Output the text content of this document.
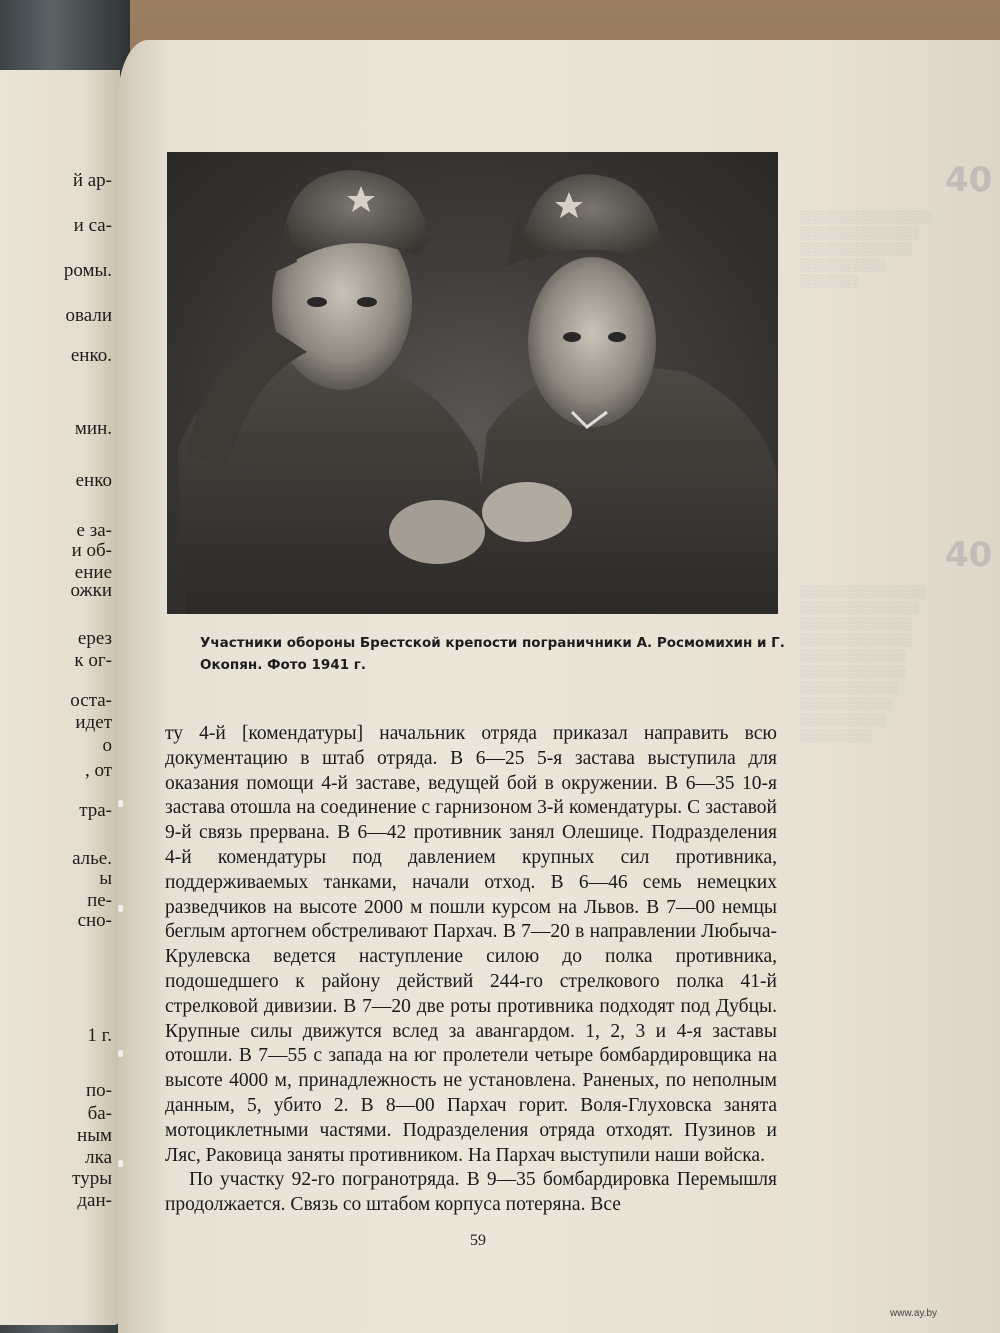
й ар-
и са-
ромы.
овали
енко.
мин.
енко
е за-
и об-
ение
ожки
ерез
к ог-
оста-
идет
о
, от
тра-
алье.
ы
пе-
сно-
1 г.
по-
ба-
ным
лка
туры
дан-
40
40
░░░░░░░░░░░░░░░░░░░░
░░░░░░░░░░░░░░░░░░
░░░░░░░░░░░░░░░░░
░░░░░░░░░░░░░
░░░░░░░░░
░░░░░░░░░░░░░░░░░░░
░░░░░░░░░░░░░░░░░░
░░░░░░░░░░░░░░░░░
░░░░░░░░░░░░░░░░░
░░░░░░░░░░░░░░░░
░░░░░░░░░░░░░░░░
░░░░░░░░░░░░░░░
░░░░░░░░░░░░░░
░░░░░░░░░░░░░
░░░░░░░░░░░
Участники обороны Брестской крепости пограничники А. Росмомихин и Г. Окопян. Фото 1941 г.

ту 4-й [комендатуры] начальник отряда приказал направить всю документацию в штаб отряда. В 6—25 5-я застава выступила для оказания помощи 4-й заставе, ведущей бой в окружении. В 6—35 10-я застава отошла на соединение с гарнизоном 3-й комендатуры. С заставой 9-й связь прервана. В 6—42 противник занял Олешице. Подразделения 4-й комендатуры под давлением крупных сил противника, поддерживаемых танками, начали отход. В 6—46 семь немецких разведчиков на высоте 2000 м пошли курсом на Львов. В 7—00 немцы беглым артогнем обстреливают Пархач. В 7—20 в направлении Любыча-Крулевска ведется наступление силою до полка противника, подошедшего к району действий 244-го стрелкового полка 41-й стрелковой дивизии. В 7—20 две роты противника подходят под Дубцы. Крупные силы движутся вслед за авангардом. 1, 2, 3 и 4-я заставы отошли. В 7—55 с запада на юг пролетели четыре бомбардировщика на высоте 4000 м, принадлежность не установлена. Раненых, по неполным данным, 5, убито 2. В 8—00 Пархач горит. Воля-Глуховска занята мотоциклетными частями. Подразделения отряда отходят. Пузинов и Ляс, Раковица заняты противником. На Пархач выступили наши войска.

По участку 92-го погранотряда. В 9—35 бомбардировка Перемышля продолжается. Связь со штабом корпуса потеряна. Все

59
www.ay.by
